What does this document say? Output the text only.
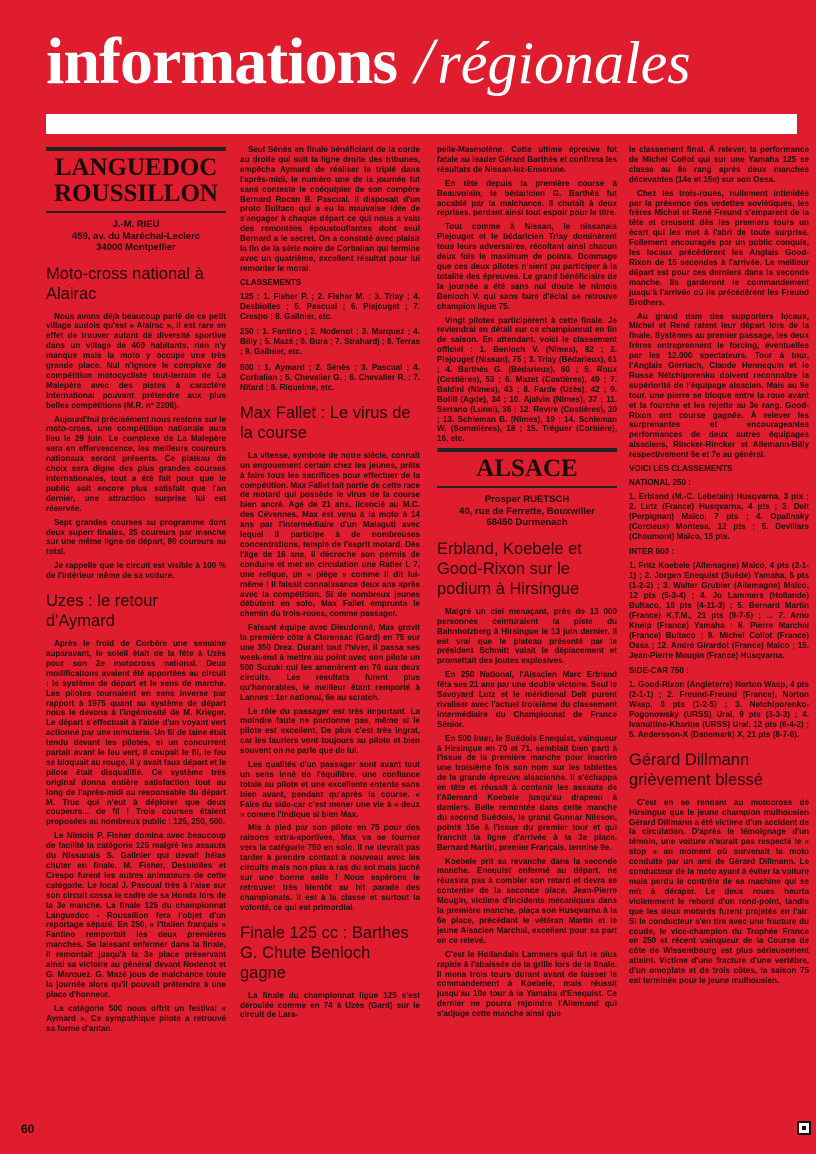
informations / régionales
LANGUEDOC ROUSSILLON
J.-M. RIEU
459, av. du Maréchal-Leclerc
34000 Montpellier
Moto-cross national à Alairac

Nous avons déjà beaucoup parlé de ce petit village audois qu'est « Alairac », il est rare en effet de trouver autant de diversité sportive dans un village de 400 habitants, rien n'y manque mais la moto y occupe une très grande place. Nul n'ignore le complexe de compétition motocycliste tout-terrain de La Malepère avec des pistes à caractère international pouvant prétendre aux plus belles compétitions (M.R. nº 2206).

Aujourd'hui précisément nous restons sur le moto-cross, une compétition nationale aura lieu le 29 juin. Le complexe de La Malepère sera en effervescence, les meilleurs coureurs nationaux seront présents. Ce plateau de choix sera digne des plus grandes courses internationales, tout a été fait pour que le public soit encore plus satisfait que l'an dernier, une attraction surprise lui est réservée.

Sept grandes courses au programme dont deux superr finales, 25 coureurs par manche sur une même ligne de départ, 80 coureurs au total.

Je rappelle que le circuit est visible à 100 % de l'intérieur même de sa voiture.

Uzes : le retour d'Aymard

Après le froid de Corbère une semaine auparavant, le soleil était de la fête à Uzès pour son 2e motocross national. Deux modifications avaient été apportées au circuit : le système de départ et le sens de marche. Les pilotes tournaient en sens inverse par rapport à 1975 quant au système de départ nous le devons à l'ingéniosité de M. Krieger. Le départ s'effectuait à l'aide d'un voyant vert actionné par une minuterie. Un fil de laine était tendu devant les pilotes, si un concurrent partait avant le feu vert, il coupait le fil, le feu se bloquait au rouge, il y avait faux départ et le pilote était disqualifié. Ce système très original donna entière satisfaction tout au long de l'après-midi au responsable du départ M. Truc qui n'eut à déplorer que deux coupeurs... de fil ! Trois courses étaient proposées au nombreux public : 125, 250, 500.

Le Nîmois P. Fisher domina avec beaucoup de facilité la catégorie 125 malgré les assauts du Nissanais S. Gallnier qui devait hélas chuter en finale. M. Fisher, Desbiolles et Crespo furent les autres animateurs de cette catégorie. Le local J. Pascual trés à l'aise sur son circuit cassa le cadre de sa Honda lors de la 3e manche. La finale 125 du championnat Languedoc - Roussillon fera l'objet d'un reportage séparé. En 250, « l'Italien français » Fantino remportait les deux premières manches. Se laissant enfermer dans la finale, il remontait jusqu'à la 3e place préservant ainsi sa victoire au général devant Nodenot et G. Marquez. G. Mazé jous de malchance toute la journée alors qu'il pouvait prétendre à une place d'honneur.

La catégorie 500 nous offrit un festival « Aymard ». Ce sympathique pilote a retrouvé sa forme d'antan.

Seul Sénès en finale bénéficiant de la corde au droite qui suit la ligne droite des tribunes, empêcha Aymard de réaliser le triplé dans l'après-midi, le numéro une de la journée fut sans conteste le coéquipier de son compère Bernard Rocan B. Pascual. Il disposait d'un proto Bultaco qui a eu la mauvaise idée de s'engager à chaque départ ce qui nous a valu des remontées époustouflantes dont seul Bernard a le secret. On a constaté avec plaisir la fin de la série noire de Corbalian qui termine avec un quatrième, excellent résultat pour lui remonter le moral.

CLASSEMENTS

125 : 1. Fisher P. ; 2. Fisher M. ; 3. Triay ; 4. Desbiolles ; 5. Pascual ; 6. Plejouget ; 7. Crespo ; 8. Gallnier, etc.

250 : 1. Fantino ; 2. Nodenot ; 3. Marquez ; 4. Billy ; 5. Mazé ; 6. Bura ; 7. Strahardj ; 8. Terras ; 9. Gallnier, etc.

500 : 1. Aymard ; 2. Sénès ; 3. Pascual ; 4. Corbalian ; 5. Chevalier G. ; 6. Chevalier R. ; 7. Nitard ; 8. Riquelme, etc.

Max Fallet : Le virus de la course

La vitesse, symbole de notre siècle, connaît un engouement certain chez les jeunes, prêts à faire tous les sacrifices pour effectuer de la compétition. Max Fallet fait partie de cette race de motard qui possède le virus de la course bien ancré. Agé de 21 ans, licencié au M.C. des Cévennes, Max est venu à la moto à 14 ans par l'intermédiaire d'un Malaguti avec lequel il participe à de nombreuses concentrations, temple de l'esprit motard. Dès l'âge de 16 ans, il décroche son permis de conduire et met en circulation une Ratier L 7, une relique, un « piège » comme il dit lui-même ! Il faisait connaissance deux ans après avec la compétition. Si de nombreux jeunes débutent en solo, Max Fallet emprunta le chemin du trois-roues, comme passager.

Faisant équipe avec Dieudonné, Max gravit la première côte à Clarensac (Gard) en 75 sur une 350 Drex. Durant tout l'hiver, il passa ses week-end à mettre au point avec son pilote un 500 Suzuki qui les amenèrent en 76 aux deux circuits. Les résultats furent plus qu'honorables, le meilleur étant remporté à Lannes : 1er national, 6e au scratch.

Le rôle du passager est très important. La moindre faute ne pardonne pas, même si le pilote est excellent. De plus c'est très ingrat, car les lauriers vont toujours au pilote et bien souvent on ne parle que de lui.

Les qualités d'un passager sont avant tout un sens inné de l'équilibre, une confiance totale au pilote et une excellente entente sans bien avant, pendant qu'après la course. « Faire du side-car c'est mener une vie à « deux » comme l'indique si bien Max.

Mis à pied par son pilote en 75 pour des raisons extra-sportives, Max va se tourner vers la catégorie 750 en solo. Il ne devrait pas tarder à prendre contact à nouveau avec les circuits mais non plus à ras du sol mais juché sur une bonne selle ! Nous espérons le retrouver très bientôt au hit parade des championats. Il est à la classe et surtout la volonté, ce qui est primordial.

Finale 125 cc : Barthes G. Chute Benloch gagne

La finale du championnat ligue 125 s'est déroulée comme en 74 à Uzès (Gard) sur le circuit de Lara-

pelle-Masmolène. Cette ultime épreuve fut fatale au leader Gérard Barthès et confirma les résultats de Nissan-lez-Enserune.

En tête depuis la première course à Beauvoisin, le bédaricien G. Barthès fut accablé par la malchance. Il chutait à deux reprises, perdant ainsi tout espoir pour le titre.

Tout comme à Nissan, le nissanais Plejouget et le bédaricien Triay dominèrent tous leurs adversaires, récoltant ainsi chacun deux fois le maximum de points. Dommage que ces deux pilotes n'aient pu participer à la totalité des épreuves. Le grand bénéficiaire de la journée a été sans nul doute le nîmois Benloch V. qui sans faire d'éclat se retrouve champion ligue 75.

Vingt pilotes participèrent à cette finale. Je reviendrai en détail sur ce championnat en fin de saison. En attendant, voici le classement officiel : 1. Benloch V. (Nîmes), 82 ; 2. Plejouget (Nissan), 75 ; 3. Triay (Bédarieux), 61 ; 4. Barthès G. (Bédarieux), 60 ; 5. Roux (Costières), 53 ; 6. Mazet (Costières), 49 ; 7. Baldini (Nîmes), 43 ; 8. Farde (Uzès), 42 ; 9. Bofill (Agde), 34 ; 10. Ajalvin (Nîmes), 37 ; 11. Serrano (Lunel), 36 ; 12. Revire (Costières), 20 ; 13. Schleman B. (Nîmes), 19 ; 14. Schleman W. (Sommières), 18 ; 15. Tréguer (Corbière), 16, etc.

ALSACE
Prosper RUETSCH
40, rue de Ferrette, Bouxwiller
68450 Durmenach
Erbland, Koebele et Good-Rixon sur le podium à Hirsingue

Malgré un ciel menaçant, près de 13 000 personnes ceinturaient la piste du Bahnholzberg à Hirsingue le 13 juin dernier. Il est vrai que le plateau présenté par le président Schmitt valait le déplacement et promettait des joutes explosives.

En 250 National, l'Alsacien Marc Erbland fêta ses 21 ans par une double victoire. Seul le Savoyard Lutz et le méridional Delt purent rivaliser avec l'actuel troisième du classement intermédiaire du Championnat de France Sénior.

En 500 Inter, le Suédois Enequist, vainqueur à Hirsingue en 70 et 71, semblait bien parti à l'issue de la première manche pour inscrire une troisième fois son nom sur les tablettes de la grande épreuve alsacienne. Il s'échappa en tête et réussit à contenir les assauts de l'Allemand Koebele jusqu'au drapeau à damiers. Belle remontée dans cette manche du second Suédois, le grand Gunnar Nilsson, pointé 16e à l'issue du premier tour et qui franchit la ligne d'arrivée à la 3e place. Bernard Martin, premier Français, termine 9e.

Koebele prit sa revanche dans la seconde manche. Enequist enfermé au départ, ne réussira pas à combler son retard et devra se contenter de la seconde place. Jean-Pierre Mougin, victime d'incidents mécaniques dans la première manche, plaça son Husqvarna à la 6e place, précédant le vétéran Martin et le jeune Alsacien Marchal, excellent pour sa part en ce relevé.

C'est le Hollandais Lammers qui fut le plus rapide à l'abaissée de la grille lors de la finale. Il mena trois tours durant avant de laisser le commandement à Koebele, mais réussit jusqu'au 10e tour à la Yamaha d'Enequist. Ce dernier ne pourra rejoindre l'Allemand qui s'adjuge cette manche ainsi que

le classement final. À relever, la performance de Michel Collot qui sur une Yamaha 125 se classe au 6e rang après deux manches décevantes (14e et 15e) sur son Ossa.

Chez les trois-roues, nullement intimidés par la présence des vedettes soviétiques, les frères Michel et René Freund s'emparent de la tête et creusent dès les premiers tours un écart qui les met à l'abri de toute surprise. Follement encouragés par un public conquis, les locaux précédèrent les Anglais Good-Rixon de 15 secondes à l'arrivée. Le meilleur départ est pour ces derniers dans la seconde manche. Ils garderont le commandement jusqu'à l'arrivée où ils précédèrent les Freund Brothers.

Au grand dam des supporters locaux, Michel et René ratent leur départ lors de la finale. Systèmes au premier passage, les deux frères entreprennent le forcing, éventuelles par les 12.000 spectateurs. Tour à tour, l'Anglais Gerriach, Claude Hennequin et le Russe Nétchlporenko doivent reconnaître la supériorité de l'équipage alsacien. Mais au 9e tour, une pierre se bloque entre la roue avant et la fourche et les rejette au 3e rang. Good-Rixon ont course gagnée. À relever les surprenantes et encourageantes performances de deux autres équipages alsaciens, Rincker-Rincker et Allemann-Billy respectivement 6e et 7e au général.

VOICI LES CLASSEMENTS

NATIONAL 250 :

1. Erbland (M.-C. Lebetain) Husqvarna, 3 pts ; 2. Lutz (France) Husqvarna, 4 pts ; 3. Delt (Perpignan) Maïco, 7 pts ; 4. Opalinsky (Corcieux) Montesa, 12 pts ; 5. Devillars (Chaumont) Maïco, 15 pts.

INTER 500 :

1. Fritz Koebele (Allemagne) Maïco, 4 pts (2-1-1) ; 2. Jorgen Enequist (Suède) Yamaha, 5 pts (1-2-2) ; 3. Walter Grubler (Allemagne) Maïco, 12 pts (5-3-4) ; 4. Jo Lammers (Hollande) Bultaco, 18 pts (4-11-3) ; 5. Bernard Martin (France) K.T.M., 21 pts (9-7-5) ; ... 7. Arno Knelp (France) Yamaha ; 8. Pierre Marchal (France) Bultaco ; 9. Michel Collot (France) Ossa ; 12. André Girardot (France) Maïco ; 15. Jean-Pierre Mougin (France) Husqvarna.

SIDE-CAR 750 :

1. Good-Rixon (Angleterre) Norton Wasp, 4 pts (2-1-1) ; 2. Freund-Freund (France), Norton Wasp, 8 pts (1-2-5) ; 3. Netchiporenko-Pogonowsky (URSS) Ural, 9 pts (3-3-3) ; 4. Ivanuitine-Kharine (URSS) Ural, 12 pts (6-4-2) ; 5. Andersson-X (Danemark) X, 21 pts (8-7-6).

Gérard Dillmann grièvement blessé

C'est en se rendant au motocross de Hirsingue que le jeune champion mulhousien Gérard Dillmann a été victime d'un accident de la circulation. D'après le témoignage d'un témoin, une voiture n'aurait pas respecté le « stop » au moment où survenait la moto conduite par un ami de Gérard Dillmann. Le conducteur de la moto ayant à éviter la voiture mais perdu le contrôle de sa machine qui se mit à déraper. Le deux roues heurta violemment le rebord d'un rond-point, tandis que les deux motards furent projetés en l'air. Si le conducteur s'en tire avec une fracture du coude, le vice-champion du Trophée France en 250 et récent vainqueur de la Course de côte de Wissembourg est plus sérieusement atteint. Victime d'une fracture d'une vertèbre, d'un omoplate et de trois côtes, la saison 75 est terminée pour le jeune mulhousien.

60
